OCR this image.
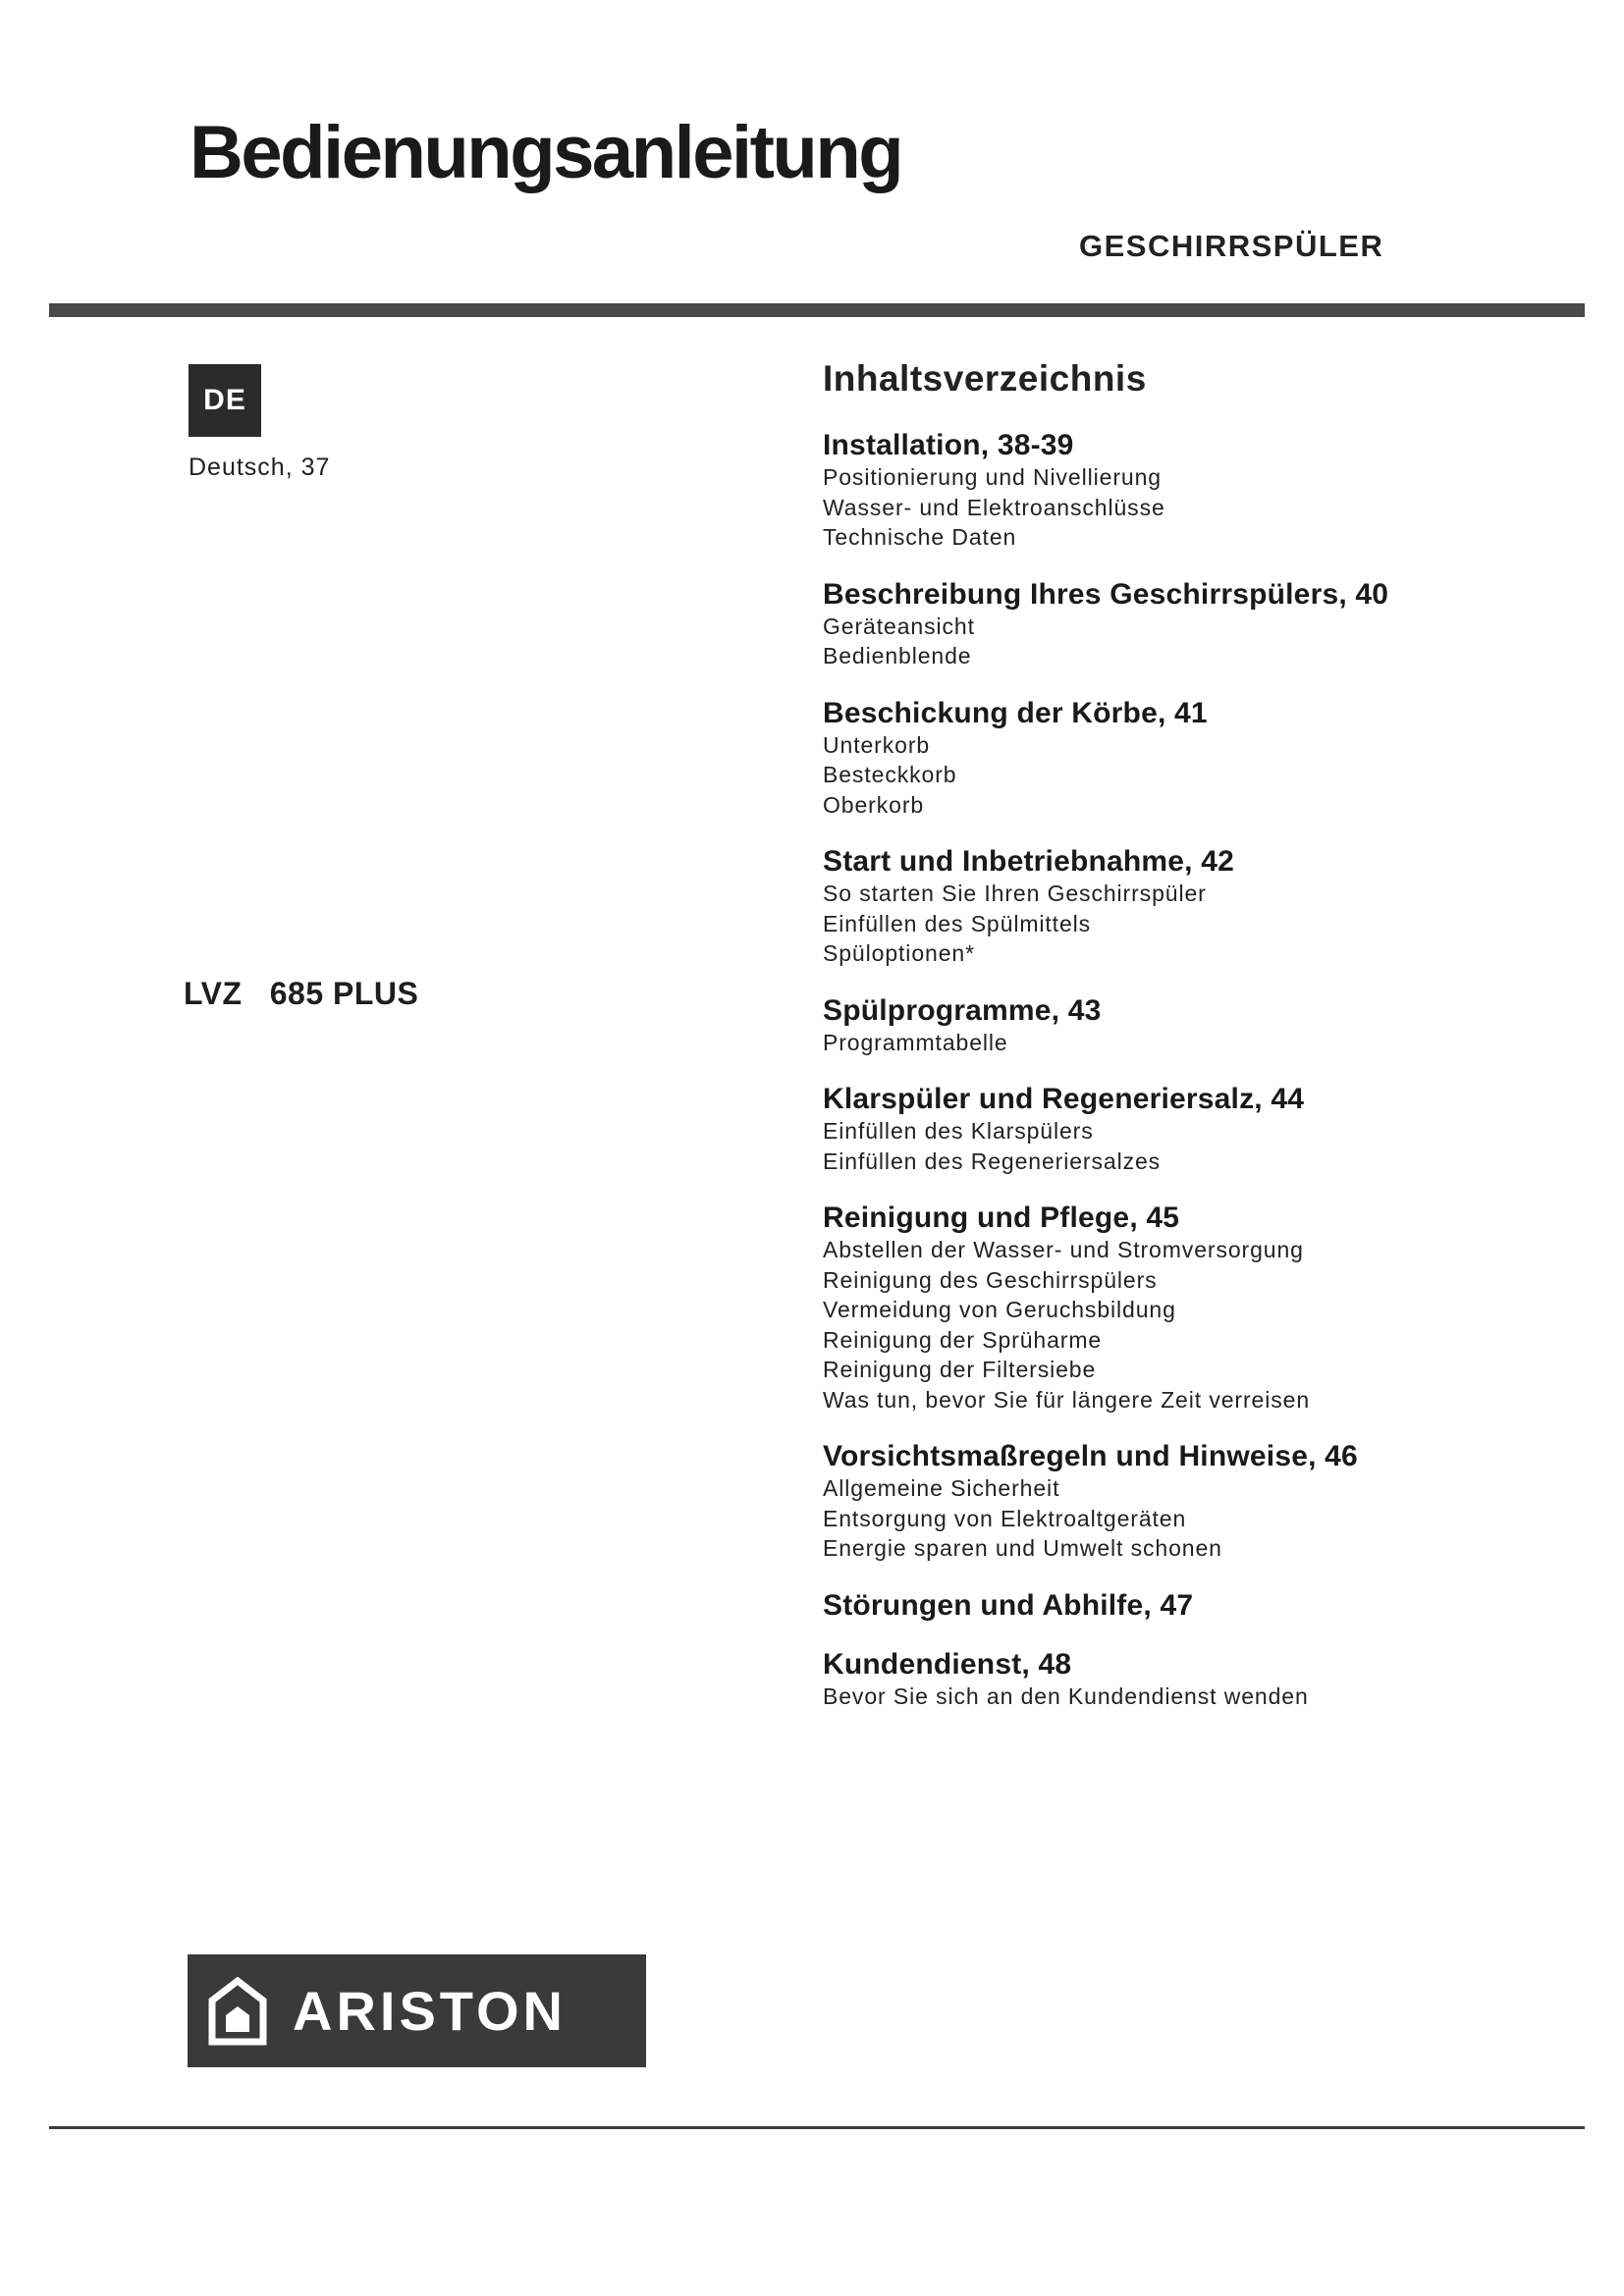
Bedienungsanleitung
GESCHIRRSPÜLER
DE
Deutsch, 37
LVZ   685 PLUS
Inhaltsverzeichnis
Installation, 38-39
Positionierung und Nivellierung
Wasser- und Elektroanschlüsse
Technische Daten
Beschreibung Ihres Geschirrspülers, 40
Geräteansicht
Bedienblende
Beschickung der Körbe, 41
Unterkorb
Besteckkorb
Oberkorb
Start und Inbetriebnahme, 42
So starten Sie Ihren Geschirrspüler
Einfüllen des Spülmittels
Spüloptionen*
Spülprogramme, 43
Programmtabelle
Klarspüler und Regeneriersalz, 44
Einfüllen des Klarspülers
Einfüllen des Regeneriersalzes
Reinigung und Pflege, 45
Abstellen der Wasser- und Stromversorgung
Reinigung des Geschirrspülers
Vermeidung von Geruchsbildung
Reinigung der Sprüharme
Reinigung der Filtersiebe
Was tun, bevor Sie für längere Zeit verreisen
Vorsichtsmaßregeln und Hinweise, 46
Allgemeine Sicherheit
Entsorgung von Elektroaltgeräten
Energie sparen und Umwelt schonen
Störungen und Abhilfe, 47
Kundendienst, 48
Bevor Sie sich an den Kundendienst wenden
ARISTON
